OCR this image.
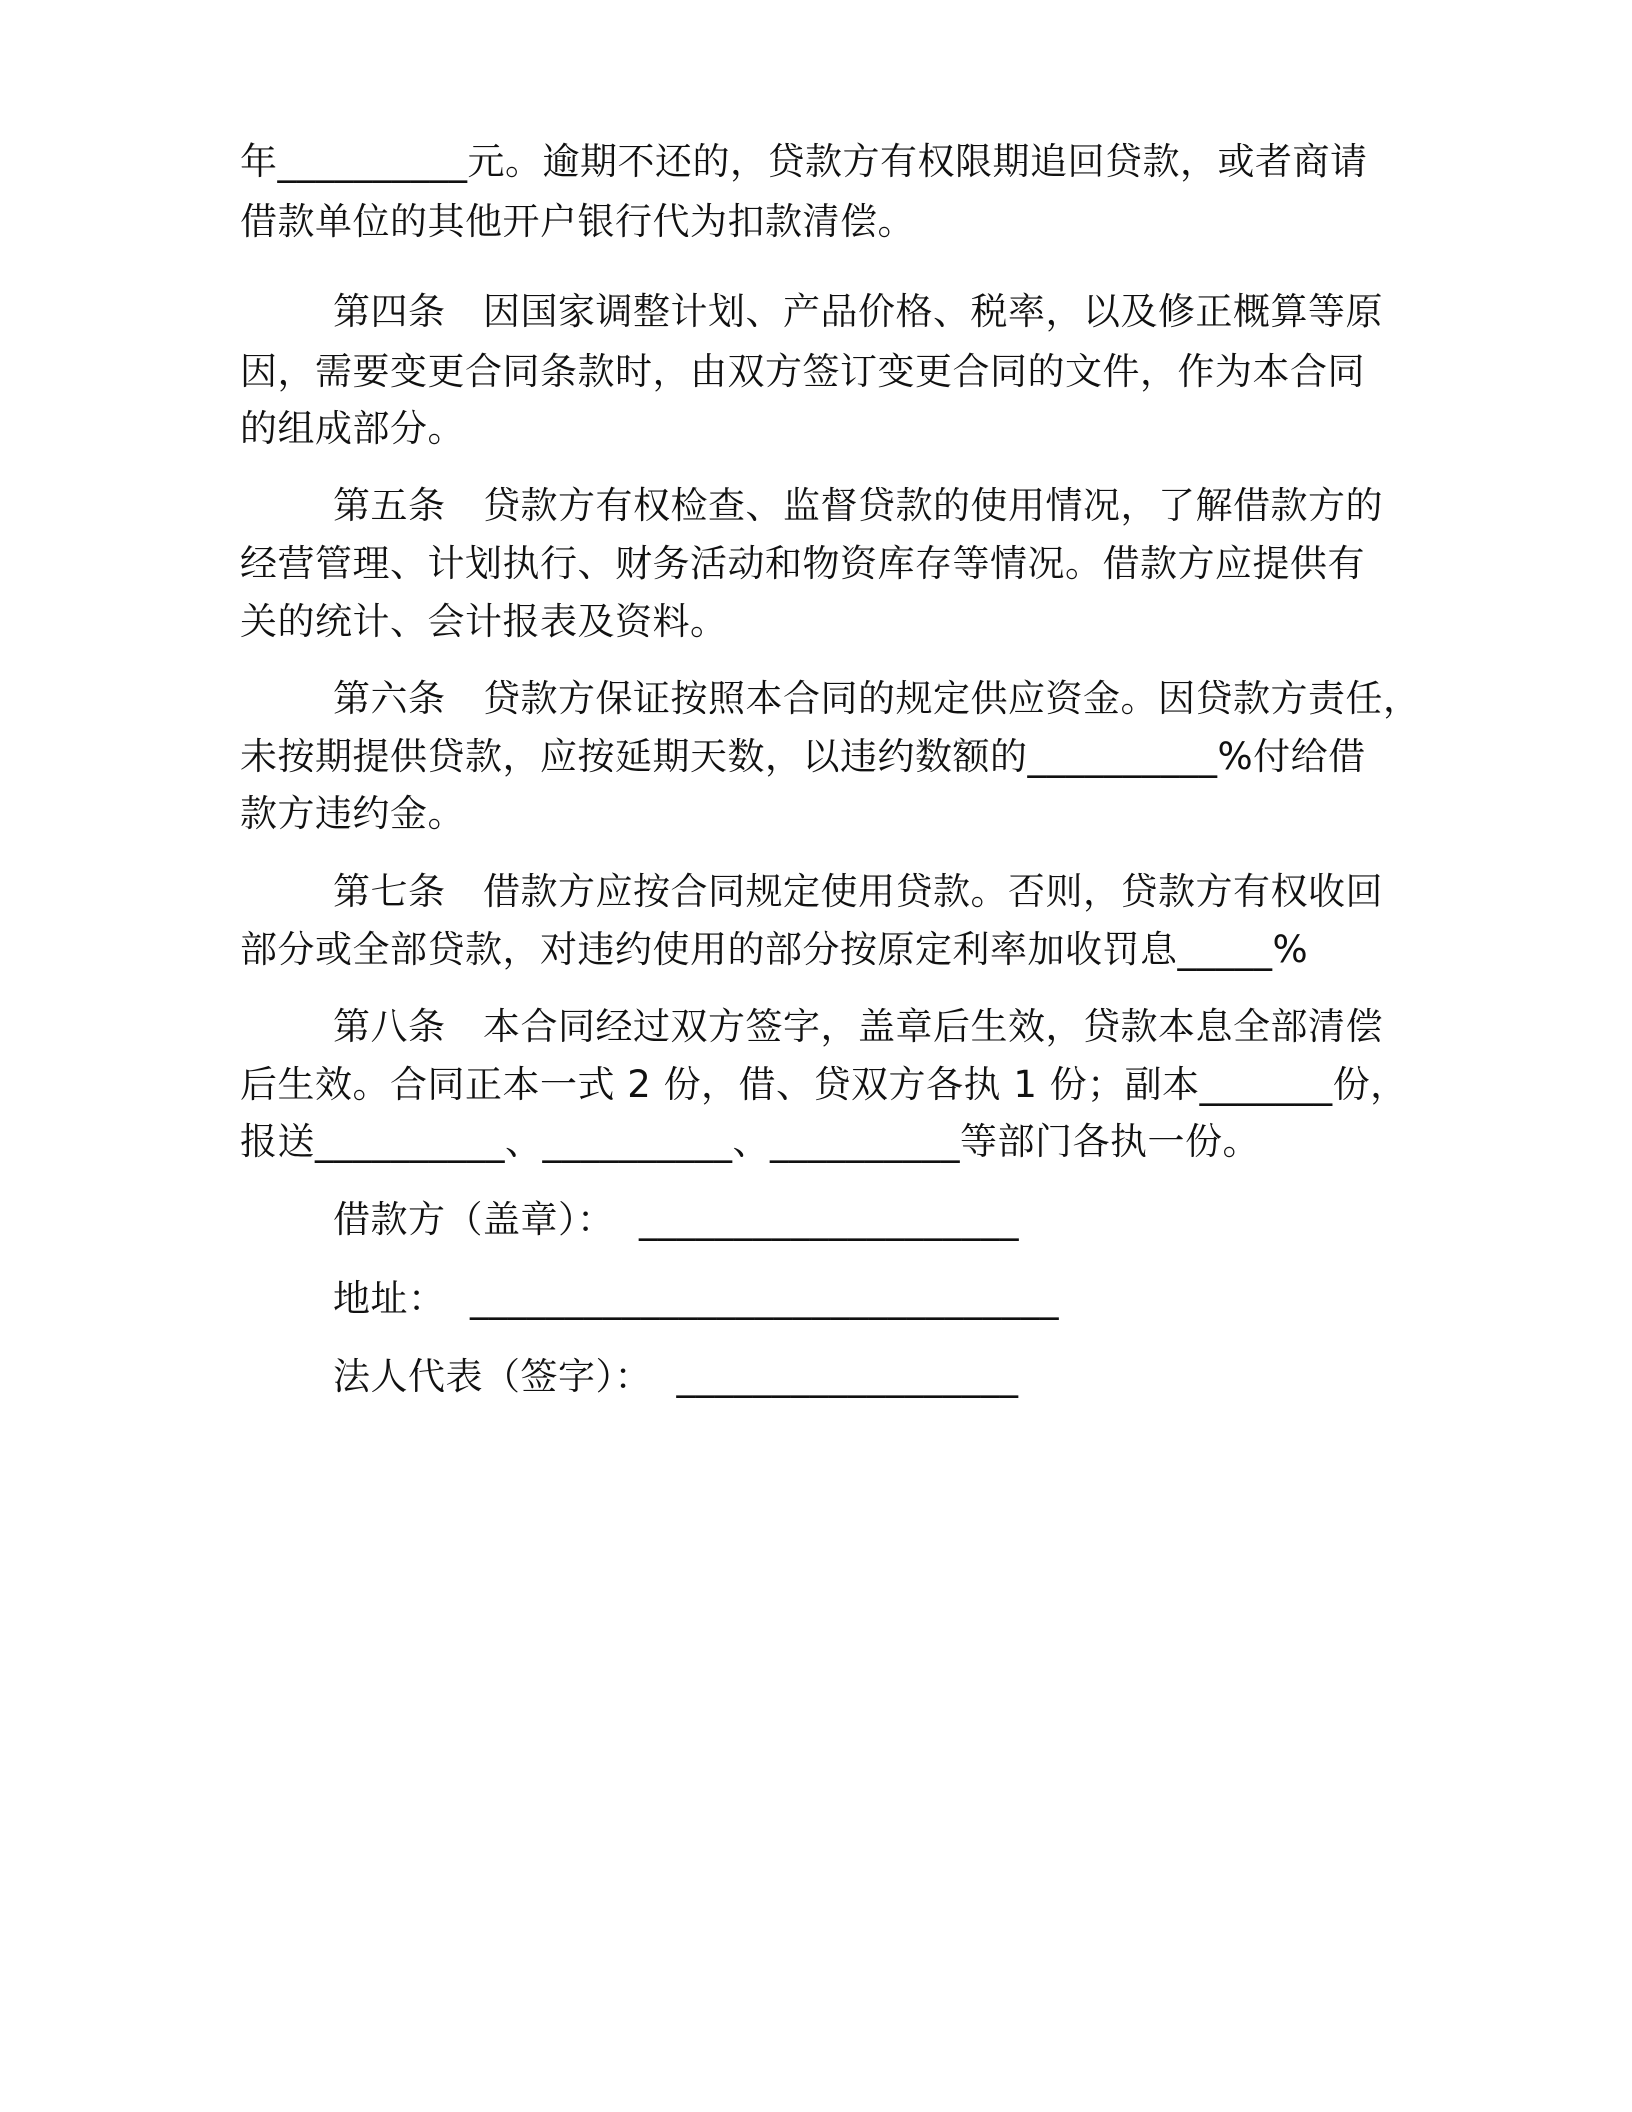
年__________元。逾期不还的，贷款方有权限期追回贷款，或者商请
借款单位的其他开户银行代为扣款清偿。
第四条　因国家调整计划、产品价格、税率，以及修正概算等原
因，需要变更合同条款时，由双方签订变更合同的文件，作为本合同
的组成部分。
第五条　贷款方有权检查、监督贷款的使用情况，了解借款方的
经营管理、计划执行、财务活动和物资库存等情况。借款方应提供有
关的统计、会计报表及资料。
第六条　贷款方保证按照本合同的规定供应资金。因贷款方责任，
未按期提供贷款，应按延期天数，以违约数额的__________%付给借
款方违约金。
第七条　借款方应按合同规定使用贷款。否则，贷款方有权收回
部分或全部贷款，对违约使用的部分按原定利率加收罚息_____%
第八条　本合同经过双方签字，盖章后生效，贷款本息全部清偿
后生效。合同正本一式 2 份，借、贷双方各执 1 份；副本_______份，
报送__________、__________、__________等部门各执一份。
借款方（盖章）：  ____________________
地址：  _______________________________
法人代表（签字）：  __________________
